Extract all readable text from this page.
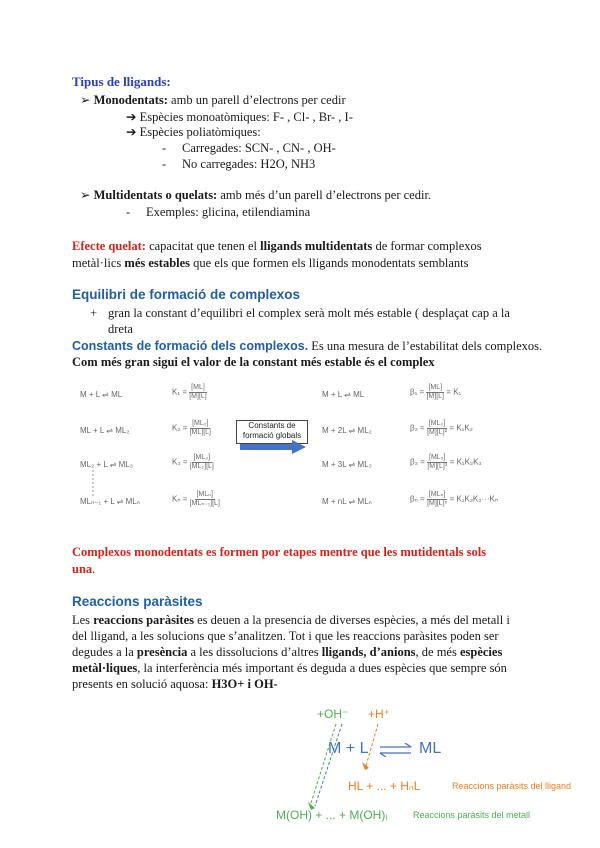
Tipus de lligands:
➢ Monodentats: amb un parell d’electrons per cedir
➔ Espècies monoatòmiques: F- , Cl- , Br- , I-
➔ Espècies poliatòmiques:
- Carregades: SCN- , CN- , OH-
- No carregades: H2O, NH3
➢ Multidentats o quelats: amb més d’un parell d’electrons per cedir.
- Exemples: glicina, etilendiamina
Efecte quelat: capacitat que tenen el lligands multidentats de formar complexos
metàl·lics més estables que els que formen els lligands monodentats semblants
Equilibri de formació de complexos
+ gran la constant d’equilibri el complex serà molt més estable ( desplaçat cap a la
dreta
Constants de formació dels complexos. Es una mesura de l’estabilitat dels complexos.
Com més gran sigui el valor de la constant més estable és el complex
M + L ⇌ ML	$K_1 = \frac{[ML]}{[M][L]}$
ML + L ⇌ ML₂	$K_2 = \frac{\text{[ML₂]}}{[ML][L]}$
ML₂ + L ⇌ ML₃	$K_3 = \frac{\text{[ML₃]}}{\text{[ML₂][L]}}$
MLₙ₋₁ + L ⇌ MLₙ	$K_n = \frac{\text{[MLₙ]}}{\text{[MLₙ₋₁][L]}}$
Constants de formació globals
M + L ⇌ ML	$\beta_1 = \frac{[ML]}{[M][L]} = K_1$
M + 2L ⇌ ML₂	$\beta_2 = \frac{\text{[ML₂]}}{\text{[M][L]²}} = K_1K_2$
M + 3L ⇌ ML₃	$\beta_3 = \frac{\text{[ML₃]}}{\text{[M][L]³}} = K_1K_2K_3$
M + nL ⇌ MLₙ	$\beta_n = \frac{\text{[MLₙ]}}{\text{[M][L]ⁿ}} = K_1K_2K_3\cdot\cdot\cdot K_n$
Complexos monodentats es formen por etapes mentre que les mutidentals sols
una.
Reaccions paràsites
Les reaccions paràsites es deuen a la presencia de diverses espècies, a més del metall i
del lligand, a les solucions que s’analitzen. Tot i que les reaccions paràsites poden ser
degudes a la presència a les dissolucions d’altres lligands, d’anions, de més espècies
metàl·liques, la interferència més important és deguda a dues espècies que sempre són
presents en solució aquosa: H3O+ i OH-
+OH⁻ +H⁺
M + L ⇌ ML
HL + ... + HₙL	Reaccions paràsits del lligand
M(OH) + ... + M(OH)ᵢ	Reaccions paràsits del metall
